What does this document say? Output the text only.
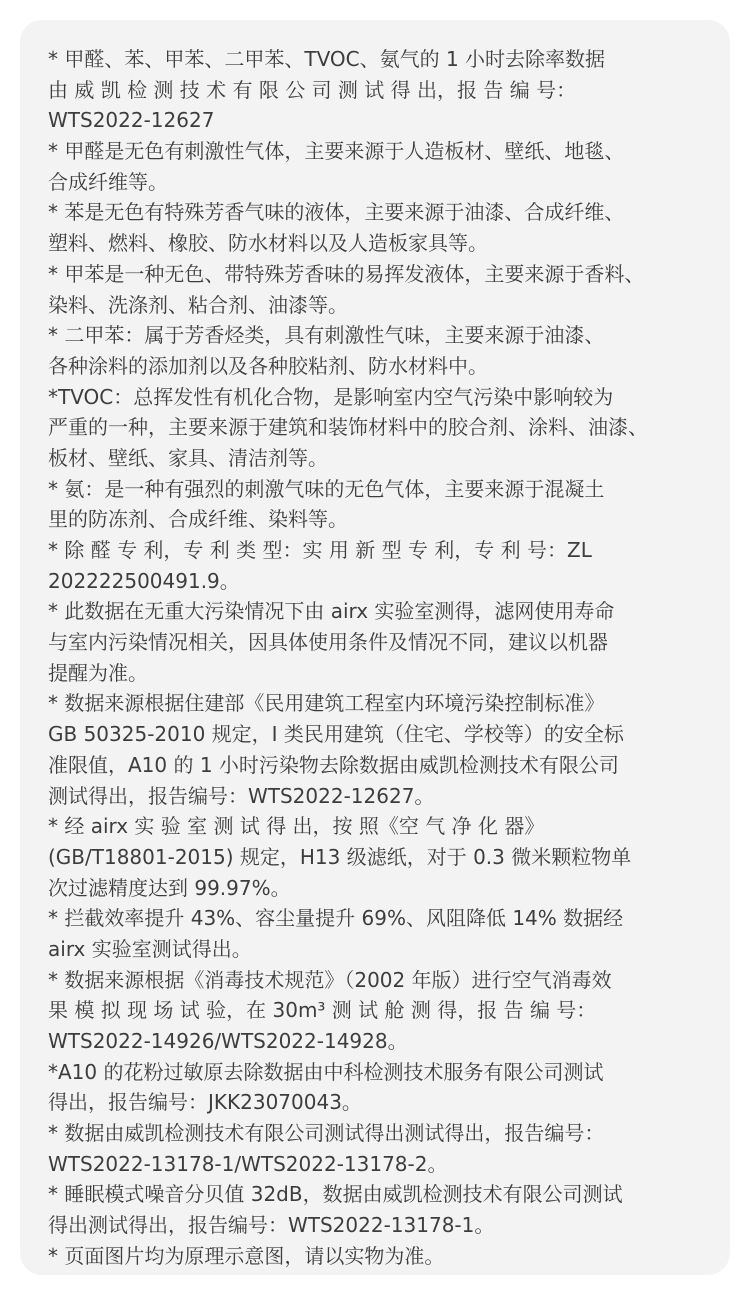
* 甲醛、苯、甲苯、二甲苯、TVOC、氨气的 1 小时去除率数据
由 威 凯 检 测 技 术 有 限 公 司 测 试 得 出，报 告 编 号：
WTS2022-12627
* 甲醛是无色有刺激性气体，主要来源于人造板材、壁纸、地毯、
合成纤维等。
* 苯是无色有特殊芳香气味的液体，主要来源于油漆、合成纤维、
塑料、燃料、橡胶、防水材料以及人造板家具等。
* 甲苯是一种无色、带特殊芳香味的易挥发液体，主要来源于香料、
染料、洗涤剂、粘合剂、油漆等。
* 二甲苯：属于芳香烃类，具有刺激性气味，主要来源于油漆、
各种涂料的添加剂以及各种胶粘剂、防水材料中。
*TVOC：总挥发性有机化合物，是影响室内空气污染中影响较为
严重的一种，主要来源于建筑和装饰材料中的胶合剂、涂料、油漆、
板材、壁纸、家具、清洁剂等。
* 氨：是一种有强烈的刺激气味的无色气体，主要来源于混凝土
里的防冻剂、合成纤维、染料等。
* 除 醛 专 利，专 利 类 型：实 用 新 型 专 利，专 利 号：ZL
202222500491.9。
* 此数据在无重大污染情况下由 airx 实验室测得，滤网使用寿命
与室内污染情况相关，因具体使用条件及情况不同，建议以机器
提醒为准。
* 数据来源根据住建部《民用建筑工程室内环境污染控制标准》
GB 50325-2010 规定，I 类民用建筑（住宅、学校等）的安全标
准限值，A10 的 1 小时污染物去除数据由威凯检测技术有限公司
测试得出，报告编号：WTS2022-12627。
* 经 airx 实 验 室 测 试 得 出，按 照《空 气 净 化 器》
(GB/T18801-2015) 规定，H13 级滤纸，对于 0.3 微米颗粒物单
次过滤精度达到 99.97%。
* 拦截效率提升 43%、容尘量提升 69%、风阻降低 14% 数据经
airx 实验室测试得出。
* 数据来源根据《消毒技术规范》（2002 年版）进行空气消毒效
果 模 拟 现 场 试 验，在 30m³ 测 试 舱 测 得，报 告 编 号：
WTS2022-14926/WTS2022-14928。
*A10 的花粉过敏原去除数据由中科检测技术服务有限公司测试
得出，报告编号：JKK23070043。
* 数据由威凯检测技术有限公司测试得出测试得出，报告编号：
WTS2022-13178-1/WTS2022-13178-2。
* 睡眠模式噪音分贝值 32dB，数据由威凯检测技术有限公司测试
得出测试得出，报告编号：WTS2022-13178-1。
* 页面图片均为原理示意图，请以实物为准。
